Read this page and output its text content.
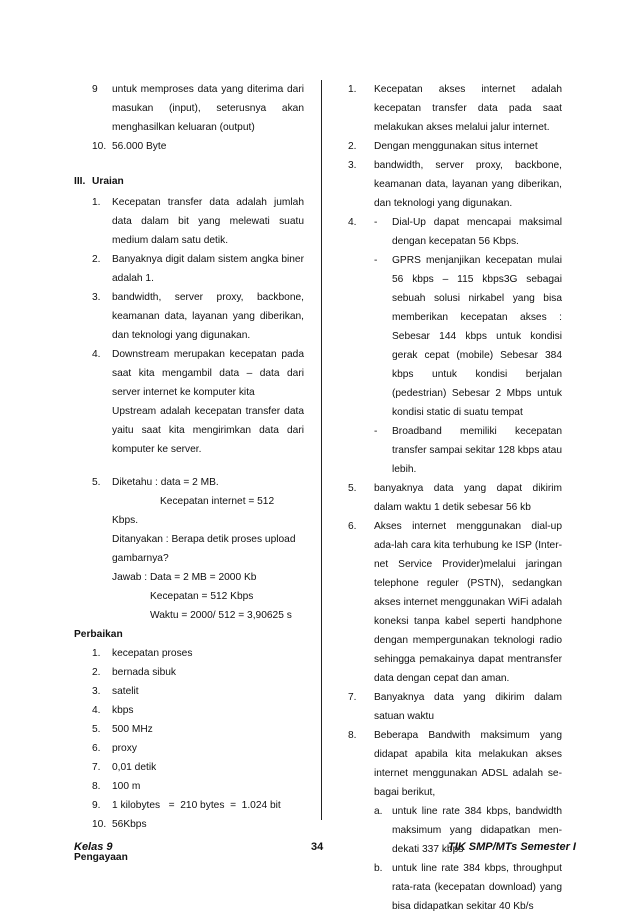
9 untuk memproses data yang diterima dari masukan (input), seterusnya akan menghasilkan keluaran (output)
10. 56.000 Byte
III. Uraian
1. Kecepatan transfer data adalah jumlah data dalam bit yang melewati suatu medium dalam satu detik.
2. Banyaknya digit dalam sistem angka biner adalah 1.
3. bandwidth, server proxy, backbone, keamanan data, layanan yang diberikan, dan teknologi yang digunakan.
4. Downstream merupakan kecepatan pada saat kita mengambil data – data dari server internet ke komputer kita
Upstream adalah kecepatan transfer data yaitu saat kita mengirimkan data dari komputer ke server.
5. Diketahu : data = 2 MB.
Kecepatan internet = 512
Kbps.
Ditanyakan : Berapa detik proses upload gambarnya?
Jawab : Data = 2 MB = 2000 Kb
Kecepatan = 512 Kbps
Waktu = 2000/ 512 = 3,90625 s
Perbaikan
1. kecepatan proses
2. bernada sibuk
3. satelit
4. kbps
5. 500 MHz
6. proxy
7. 0,01 detik
8. 100 m
9. 1 kilobytes   =  210 bytes  =  1.024 bit
10. 56Kbps
Pengayaan
1. Kecepatan akses internet adalah kecepatan transfer data pada saat melakukan akses melalui jalur internet.
2. Dengan menggunakan situs internet
3. bandwidth, server proxy, backbone, keamanan data, layanan yang diberikan, dan teknologi yang digunakan.
4. - Dial-Up dapat mencapai maksimal dengan kecepatan 56 Kbps.
- GPRS menjanjikan kecepatan mulai 56 kbps – 115 kbps3G sebagai sebuah solusi nirkabel yang bisa memberikan kecepatan akses : Sebesar 144 kbps untuk kondisi gerak cepat (mobile) Sebesar 384 kbps untuk kondisi berjalan (pedestrian) Sebesar 2 Mbps untuk kondisi static di suatu tempat
- Broadband memiliki kecepatan transfer sampai sekitar 128 kbps atau lebih.
5. banyaknya data yang dapat dikirim dalam waktu 1 detik sebesar 56 kb
6. Akses internet menggunakan dial-up ada-lah cara kita terhubung ke ISP (Inter-net Service Provider)melalui jaringan telephone reguler (PSTN), sedangkan akses internet menggunakan WiFi adalah koneksi tanpa kabel seperti handphone dengan mempergunakan teknologi radio sehingga pemakainya dapat mentransfer data dengan cepat dan aman.
7. Banyaknya data yang dikirim dalam satuan waktu
8. Beberapa Bandwith maksimum yang didapat apabila kita melakukan akses internet menggunakan ADSL adalah se-bagai berikut,
a. untuk line rate 384 kbps, bandwidth maksimum yang didapatkan men-dekati 337 kbps
b. untuk line rate 384 kbps, throughput rata-rata (kecepatan download) yang bisa didapatkan sekitar 40 Kb/s
Kelas 9	34	TIK SMP/MTs Semester I
